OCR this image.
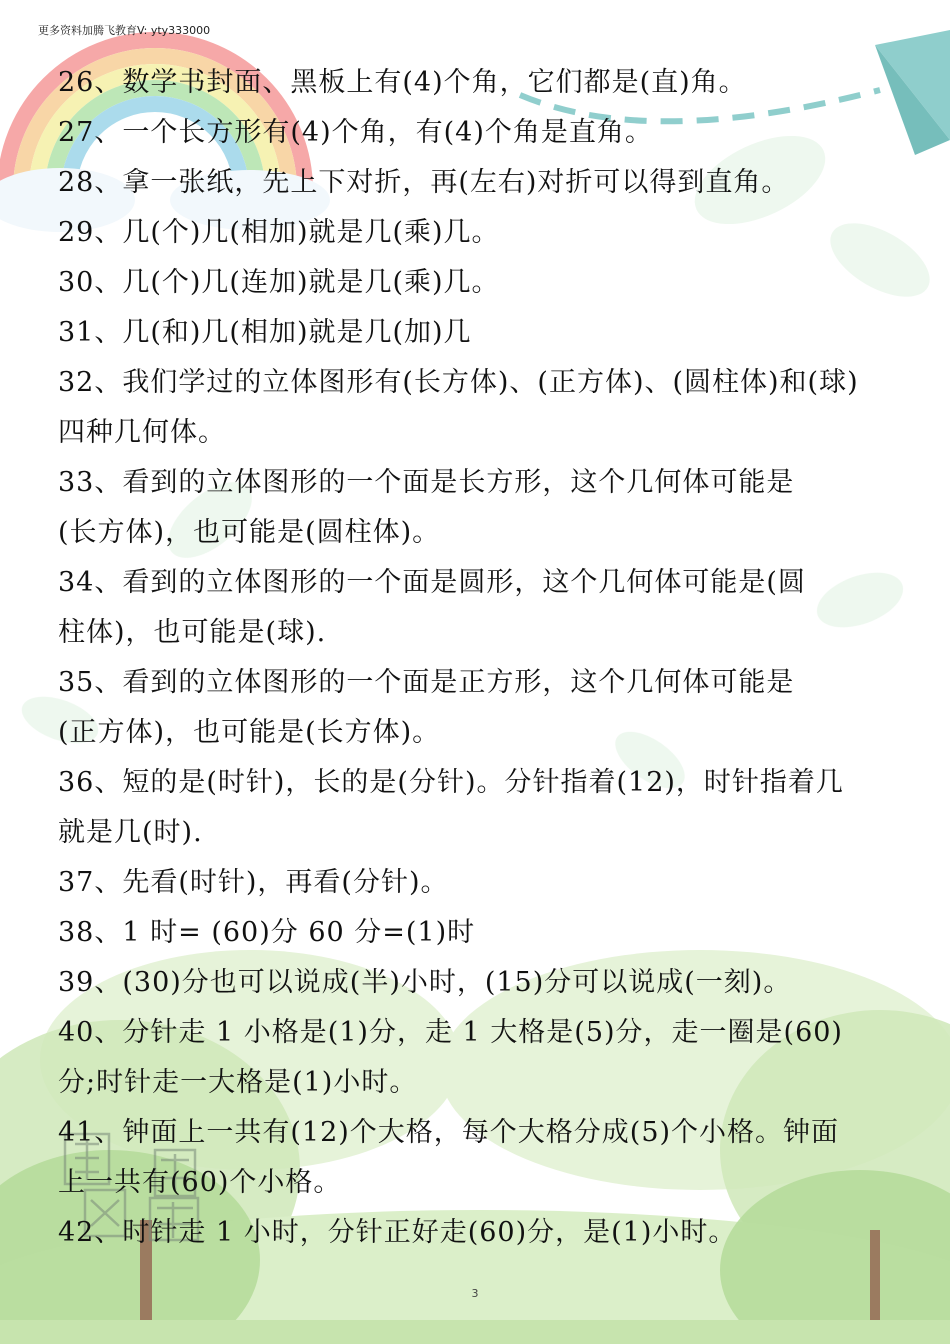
更多资料加腾飞教育V: yty333000
26、数学书封面、黑板上有(4)个角，它们都是(直)角。
27、一个长方形有(4)个角，有(4)个角是直角。
28、拿一张纸，先上下对折，再(左右)对折可以得到直角。
29、几(个)几(相加)就是几(乘)几。
30、几(个)几(连加)就是几(乘)几。
31、几(和)几(相加)就是几(加)几
32、我们学过的立体图形有(长方体)、(正方体)、(圆柱体)和(球)
四种几何体。
33、看到的立体图形的一个面是长方形，这个几何体可能是
(长方体)，也可能是(圆柱体)。
34、看到的立体图形的一个面是圆形，这个几何体可能是(圆
柱体)，也可能是(球).
35、看到的立体图形的一个面是正方形，这个几何体可能是
(正方体)，也可能是(长方体)。
36、短的是(时针)，长的是(分针)。分针指着(12)，时针指着几
就是几(时).
37、先看(时针)，再看(分针)。
38、1 时= (60)分 60 分=(1)时
39、(30)分也可以说成(半)小时，(15)分可以说成(一刻)。
40、分针走 1 小格是(1)分，走 1 大格是(5)分，走一圈是(60)
分;时针走一大格是(1)小时。
41、钟面上一共有(12)个大格，每个大格分成(5)个小格。钟面
上一共有(60)个小格。
42、时针走 1 小时，分针正好走(60)分，是(1)小时。
3
